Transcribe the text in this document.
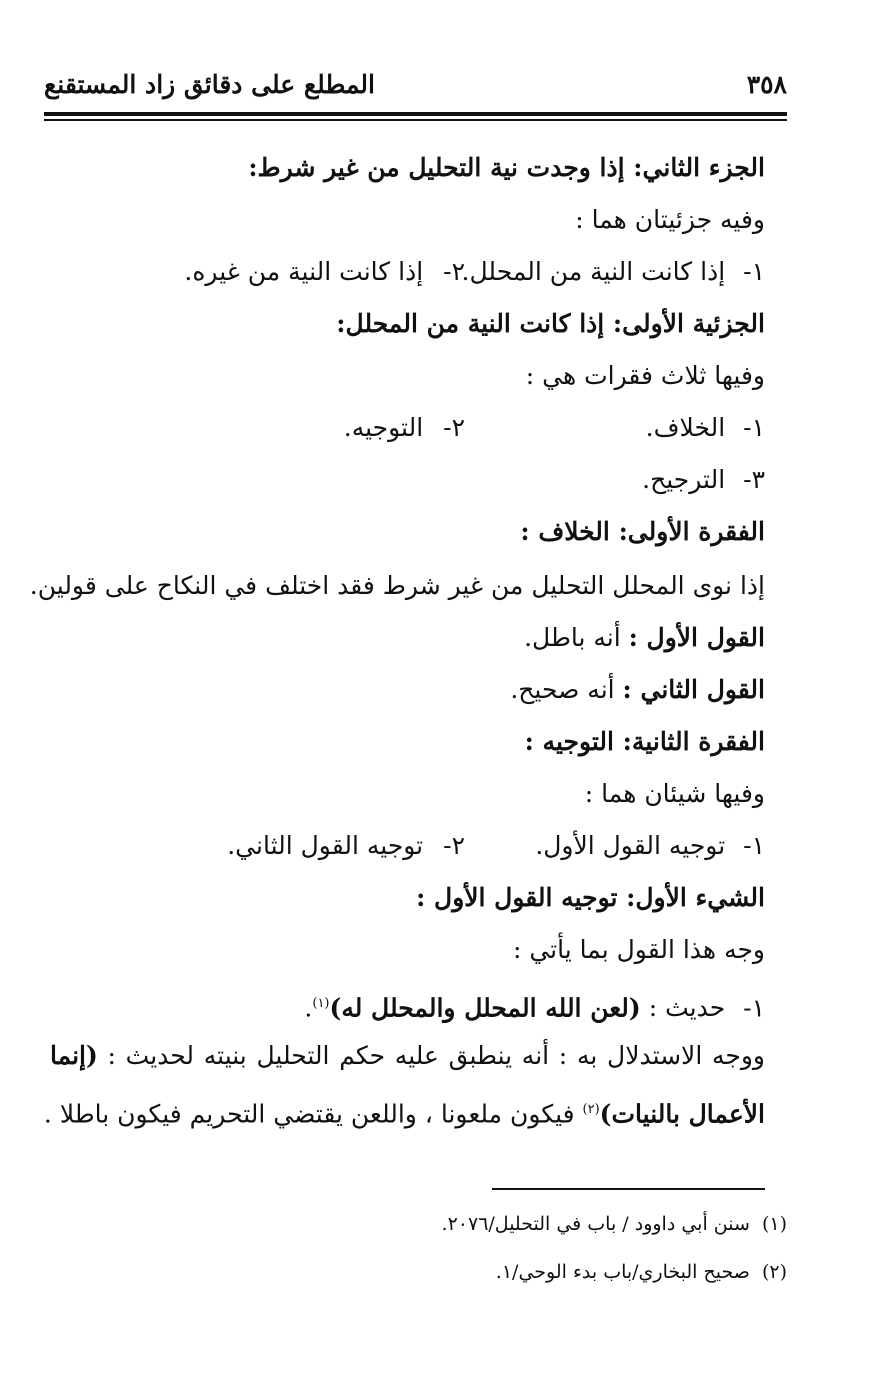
المطلع على دقائق زاد المستقنع	٣٥٨
الجزء الثاني: إذا وجدت نية التحليل من غير شرط:
وفيه جزئيتان هما :
١- إذا كانت النية من المحلل.
٢- إذا كانت النية من غيره.
الجزئية الأولى: إذا كانت النية من المحلل:
وفيها ثلاث فقرات هي :
١- الخلاف.
٢- التوجيه.
٣- الترجيح.
الفقرة الأولى: الخلاف :
إذا نوى المحلل التحليل من غير شرط فقد اختلف في النكاح على قولين.
القول الأول : أنه باطل.
القول الثاني : أنه صحيح.
الفقرة الثانية: التوجيه :
وفيها شيئان هما :
١- توجيه القول الأول.
٢- توجيه القول الثاني.
الشيء الأول: توجيه القول الأول :
وجه هذا القول بما يأتي :
١- حديث : (لعن الله المحلل والمحلل له)$^{(١)}$.
ووجه الاستدلال به : أنه ينطبق عليه حكم التحليل بنيته لحديث : (إنما
الأعمال بالنيات)$^{(٢)}$ فيكون ملعونا ، واللعن يقتضي التحريم فيكون باطلا .
(١) سنن أبي داوود / باب في التحليل/٢٠٧٦.
(٢) صحيح البخاري/باب بدء الوحي/١.
